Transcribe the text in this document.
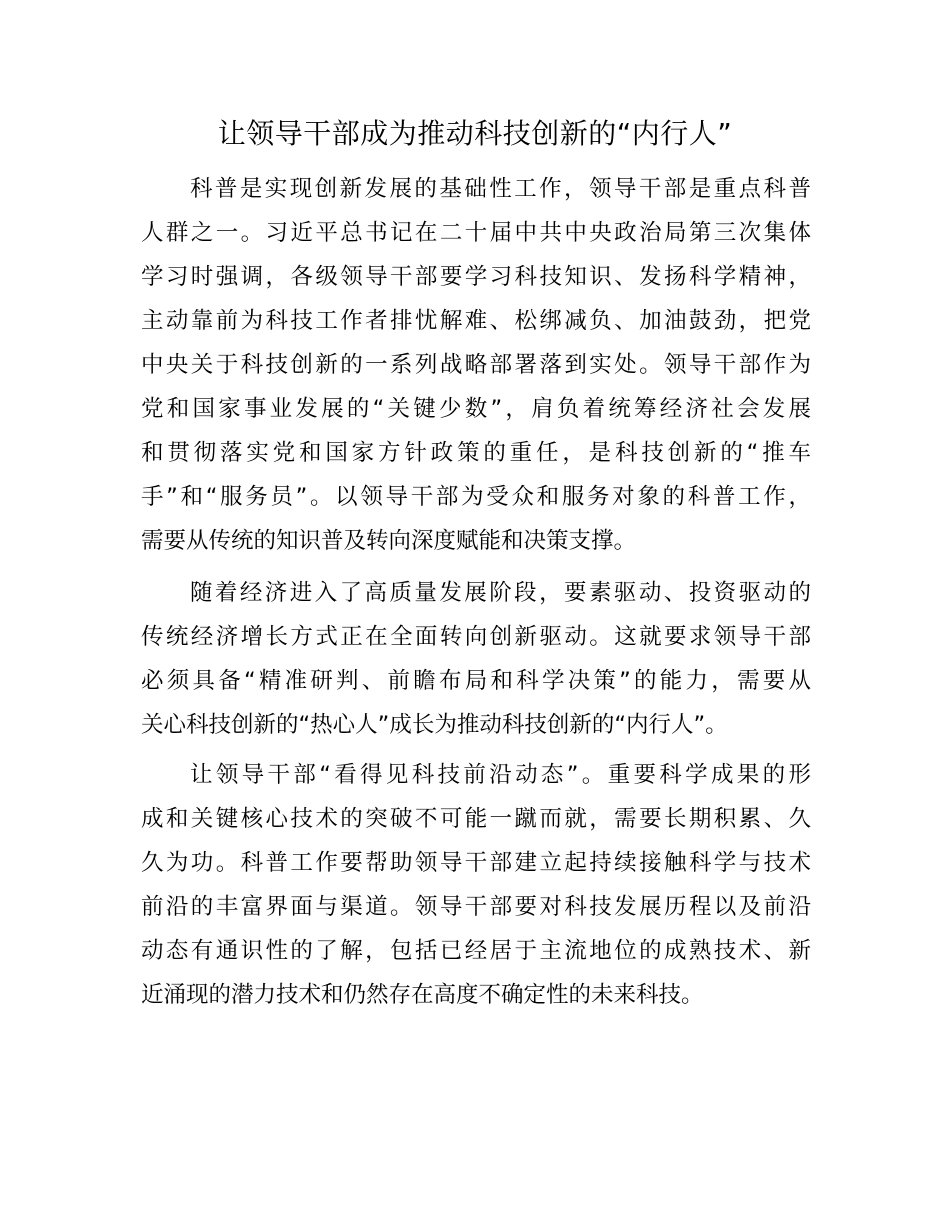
让领导干部成为推动科技创新的“内行人”
科普是实现创新发展的基础性工作，领导干部是重点科普
人群之一。习近平总书记在二十届中共中央政治局第三次集体
学习时强调，各级领导干部要学习科技知识、发扬科学精神，
主动靠前为科技工作者排忧解难、松绑减负、加油鼓劲，把党
中央关于科技创新的一系列战略部署落到实处。领导干部作为
党和国家事业发展的“关键少数”，肩负着统筹经济社会发展
和贯彻落实党和国家方针政策的重任，是科技创新的“推车
手”和“服务员”。以领导干部为受众和服务对象的科普工作，
需要从传统的知识普及转向深度赋能和决策支撑。
随着经济进入了高质量发展阶段，要素驱动、投资驱动的
传统经济增长方式正在全面转向创新驱动。这就要求领导干部
必须具备“精准研判、前瞻布局和科学决策”的能力，需要从
关心科技创新的“热心人”成长为推动科技创新的“内行人”。
让领导干部“看得见科技前沿动态”。重要科学成果的形
成和关键核心技术的突破不可能一蹴而就，需要长期积累、久
久为功。科普工作要帮助领导干部建立起持续接触科学与技术
前沿的丰富界面与渠道。领导干部要对科技发展历程以及前沿
动态有通识性的了解，包括已经居于主流地位的成熟技术、新
近涌现的潜力技术和仍然存在高度不确定性的未来科技。
